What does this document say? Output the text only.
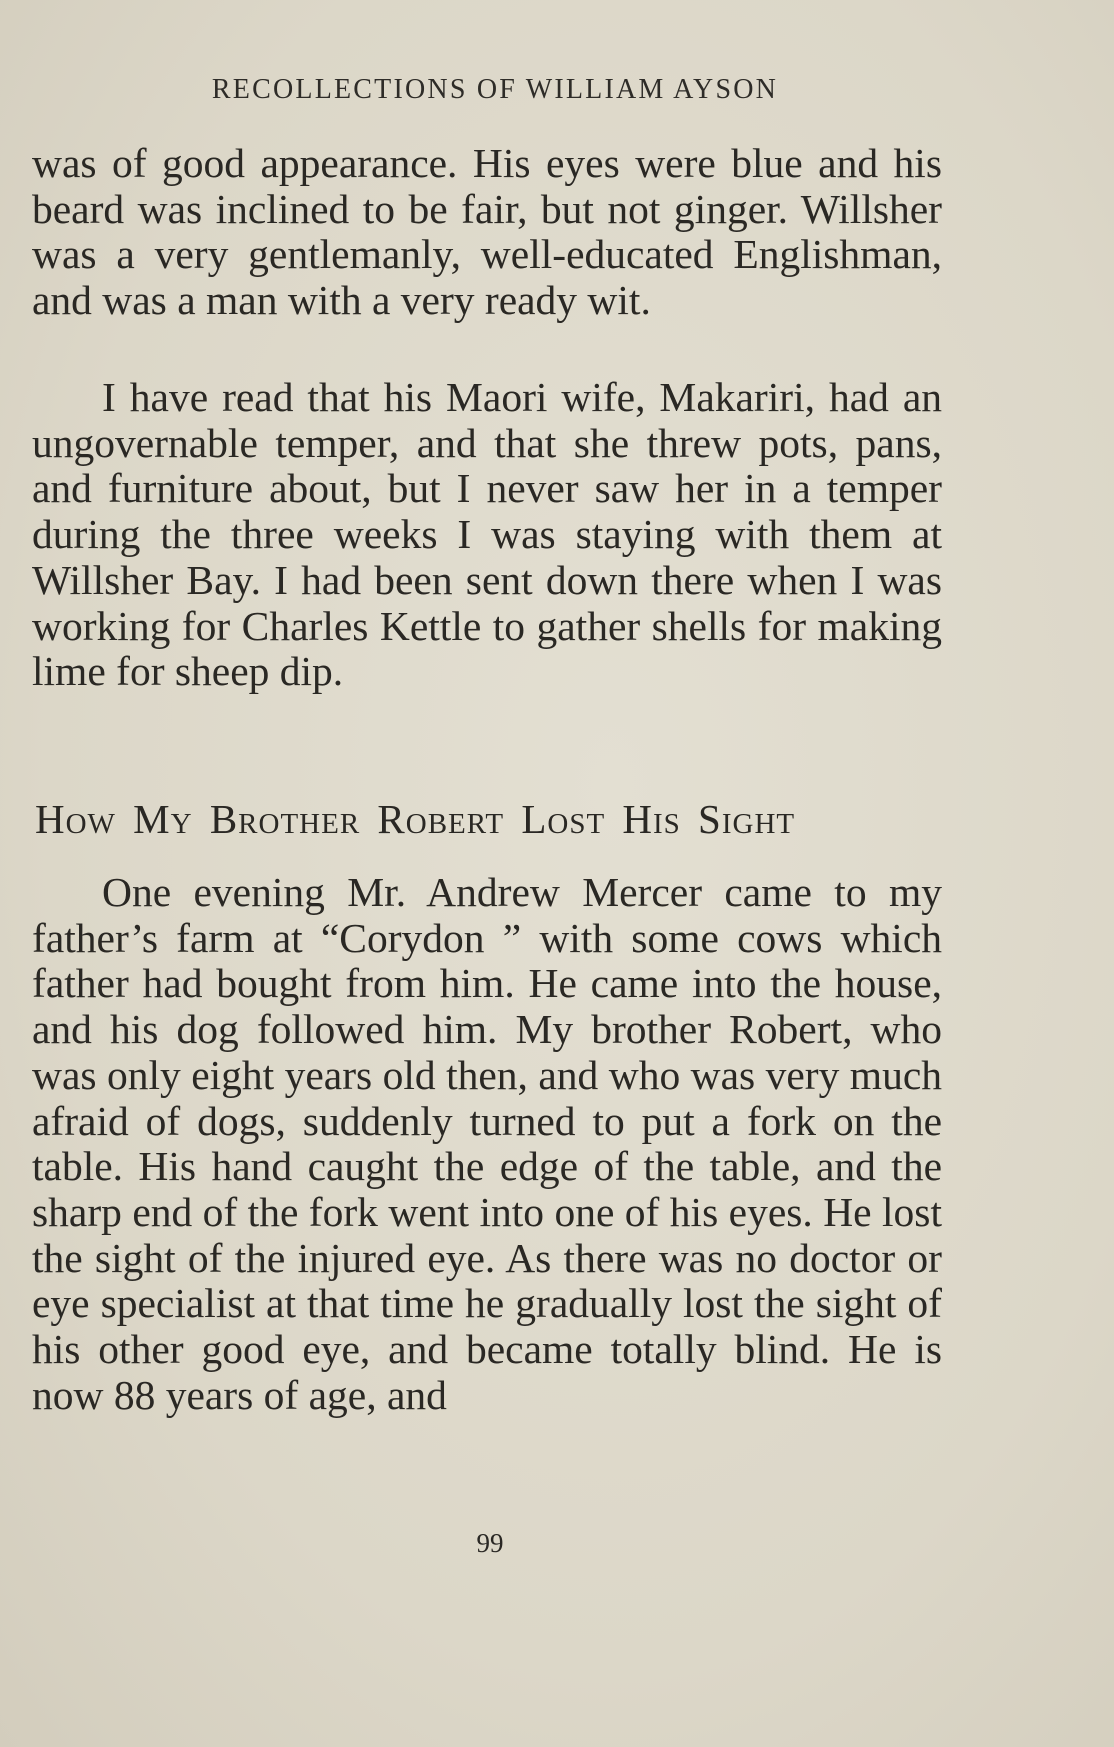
RECOLLECTIONS OF WILLIAM AYSON

was of good appearance. His eyes were blue and his beard was inclined to be fair, but not ginger. Willsher was a very gentlemanly, well-educated Englishman, and was a man with a very ready wit.

I have read that his Maori wife, Makariri, had an ungovernable temper, and that she threw pots, pans, and furniture about, but I never saw her in a temper during the three weeks I was staying with them at Willsher Bay. I had been sent down there when I was working for Charles Kettle to gather shells for making lime for sheep dip.

How My Brother Robert Lost His Sight

One evening Mr. Andrew Mercer came to my father’s farm at “Corydon ” with some cows which father had bought from him. He came into the house, and his dog followed him. My brother Robert, who was only eight years old then, and who was very much afraid of dogs, suddenly turned to put a fork on the table. His hand caught the edge of the table, and the sharp end of the fork went into one of his eyes. He lost the sight of the injured eye. As there was no doctor or eye specialist at that time he gradually lost the sight of his other good eye, and became totally blind. He is now 88 years of age, and

99
